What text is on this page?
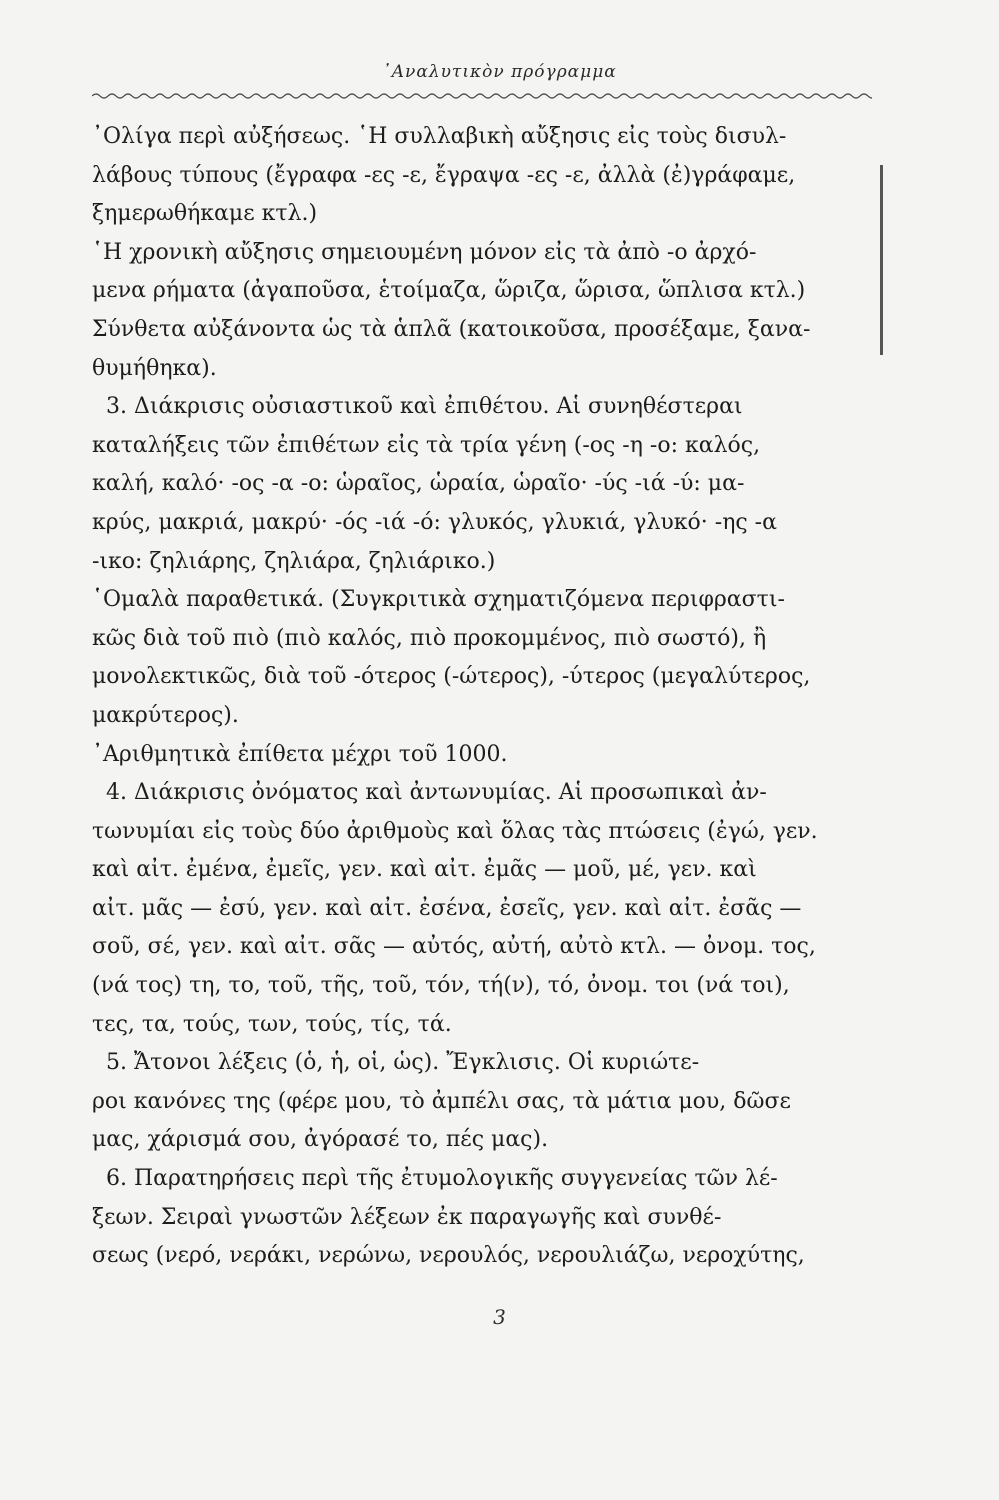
᾿Αναλυτικὸν πρόγραμμα
᾿Ολίγα περὶ αὐξήσεως. ῾Η συλλαβικὴ αὔξησις εἰς τοὺς δισυλ-
λάβους τύπους (ἔγραφα -ες -ε, ἔγραψα -ες -ε, ἀλλὰ (ἐ)γράφαμε,
ξημερωθήκαμε κτλ.)
῾Η χρονικὴ αὔξησις σημειουμένη μόνον εἰς τὰ ἀπὸ -ο ἀρχό-
μενα ρήματα (ἀγαποῦσα, ἑτοίμαζα, ὥριζα, ὥρισα, ὥπλισα κτλ.)
Σύνθετα αὐξάνοντα ὡς τὰ ἁπλᾶ (κατοικοῦσα, προσέξαμε, ξανα-
θυμήθηκα).
3. Διάκρισις οὐσιαστικοῦ καὶ ἐπιθέτου. Αἱ συνηθέστεραι
καταλήξεις τῶν ἐπιθέτων εἰς τὰ τρία γένη (-ος -η -ο: καλός,
καλή, καλό· -ος -α -ο: ὡραῖος, ὡραία, ὡραῖο· -ύς -ιά -ύ: μα-
κρύς, μακριά, μακρύ· -ός -ιά -ό: γλυκός, γλυκιά, γλυκό· -ης -α
-ικο: ζηλιάρης, ζηλιάρα, ζηλιάρικο.)
῾Ομαλὰ παραθετικά. (Συγκριτικὰ σχηματιζόμενα περιφραστι-
κῶς διὰ τοῦ πιὸ (πιὸ καλός, πιὸ προκομμένος, πιὸ σωστό), ἢ
μονολεκτικῶς, διὰ τοῦ -ότερος (-ώτερος), -ύτερος (μεγαλύτερος,
μακρύτερος).
᾿Αριθμητικὰ ἐπίθετα μέχρι τοῦ 1000.
4. Διάκρισις ὀνόματος καὶ ἀντωνυμίας. Αἱ προσωπικαὶ ἀν-
τωνυμίαι εἰς τοὺς δύο ἀριθμοὺς καὶ ὅλας τὰς πτώσεις (ἐγώ, γεν.
καὶ αἰτ. ἐμένα, ἐμεῖς, γεν. καὶ αἰτ. ἐμᾶς — μοῦ, μέ, γεν. καὶ
αἰτ. μᾶς — ἐσύ, γεν. καὶ αἰτ. ἐσένα, ἐσεῖς, γεν. καὶ αἰτ. ἐσᾶς —
σοῦ, σέ, γεν. καὶ αἰτ. σᾶς — αὐτός, αὐτή, αὐτὸ κτλ. — ὀνομ. τος,
(νά τος) τη, το, τοῦ, τῆς, τοῦ, τόν, τή(ν), τό, ὀνομ. τοι (νά τοι),
τες, τα, τούς, των, τούς, τίς, τά.
5. Ἄτονοι λέξεις (ὁ, ἡ, οἱ, ὡς). Ἔγκλισις. Οἱ κυριώτε-
ροι κανόνες της (φέρε μου, τὸ ἀμπέλι σας, τὰ μάτια μου, δῶσε
μας, χάρισμά σου, ἀγόρασέ το, πές μας).
6. Παρατηρήσεις περὶ τῆς ἐτυμολογικῆς συγγενείας τῶν λέ-
ξεων. Σειραὶ γνωστῶν λέξεων ἐκ παραγωγῆς καὶ συνθέ-
σεως (νερό, νεράκι, νερώνω, νερουλός, νερουλιάζω, νεροχύτης,
3
